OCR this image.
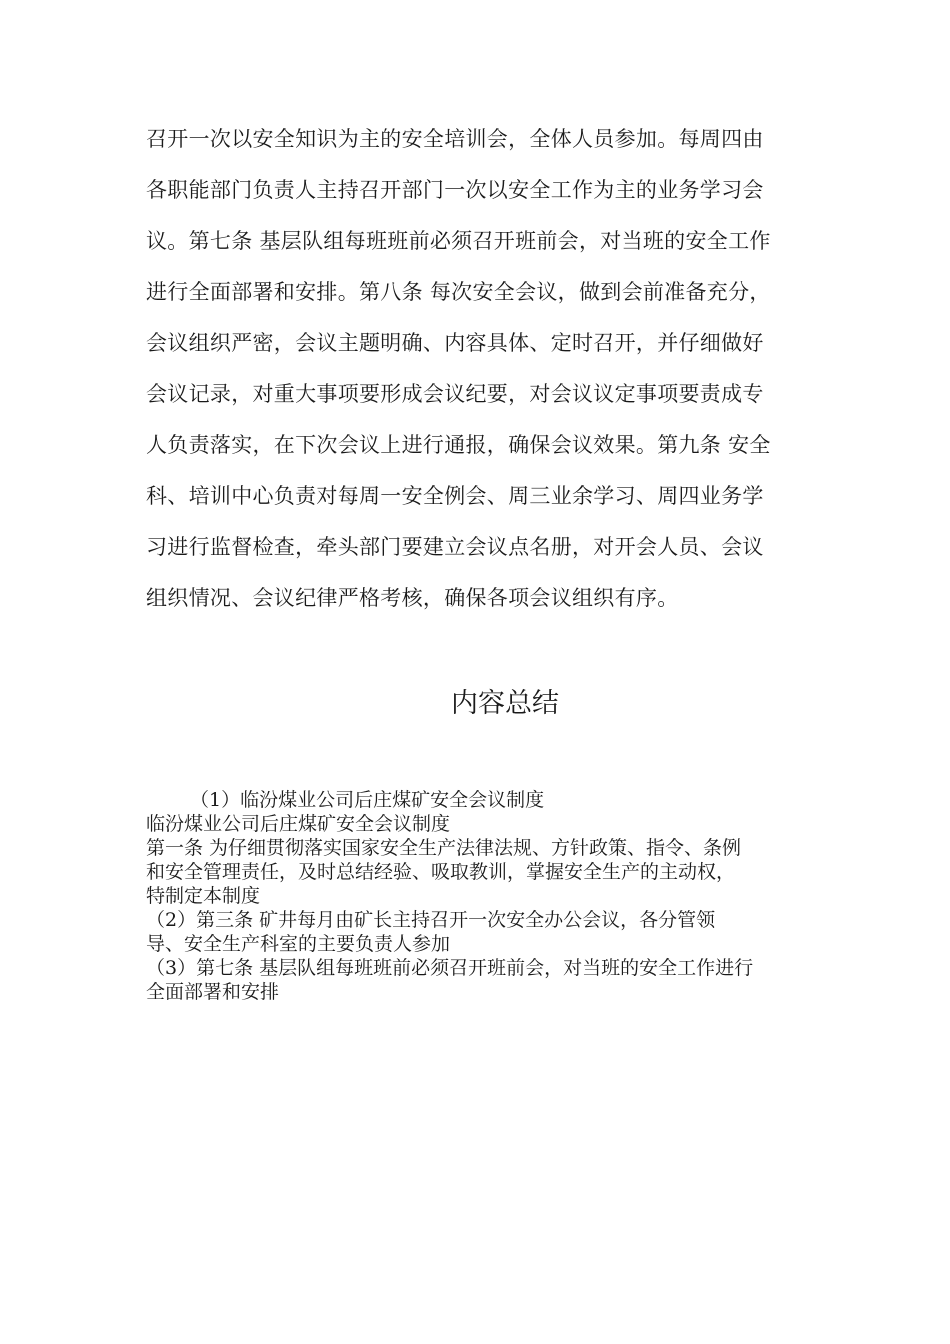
召开一次以安全知识为主的安全培训会，全体人员参加。每周四由
各职能部门负责人主持召开部门一次以安全工作为主的业务学习会
议。第七条 基层队组每班班前必须召开班前会，对当班的安全工作
进行全面部署和安排。第八条 每次安全会议，做到会前准备充分，
会议组织严密，会议主题明确、内容具体、定时召开，并仔细做好
会议记录，对重大事项要形成会议纪要，对会议议定事项要责成专
人负责落实，在下次会议上进行通报，确保会议效果。第九条 安全
科、培训中心负责对每周一安全例会、周三业余学习、周四业务学
习进行监督检查，牵头部门要建立会议点名册，对开会人员、会议
组织情况、会议纪律严格考核，确保各项会议组织有序。
内容总结
（1）临汾煤业公司后庄煤矿安全会议制度
临汾煤业公司后庄煤矿安全会议制度
第一条 为仔细贯彻落实国家安全生产法律法规、方针政策、指令、条例
和安全管理责任，及时总结经验、吸取教训，掌握安全生产的主动权，
特制定本制度
（2）第三条 矿井每月由矿长主持召开一次安全办公会议，各分管领
导、安全生产科室的主要负责人参加
（3）第七条 基层队组每班班前必须召开班前会，对当班的安全工作进行
全面部署和安排
